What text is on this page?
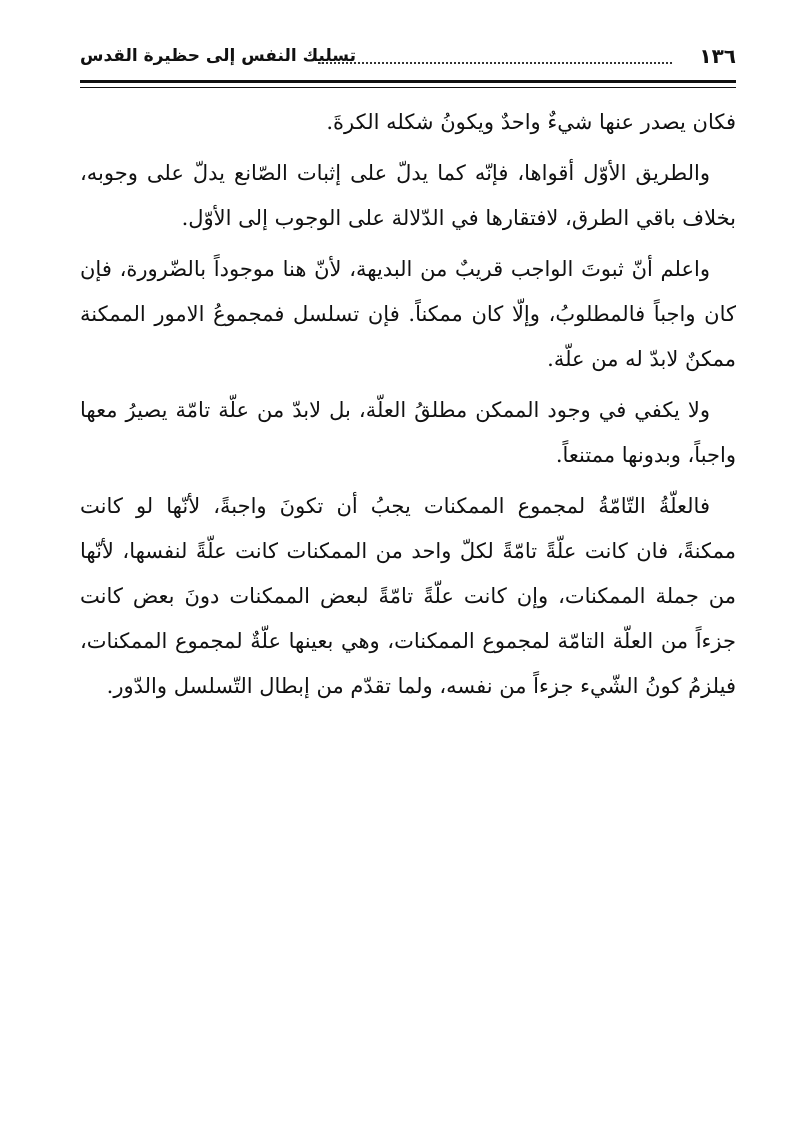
١٣٦
تسليك النفس إلى حظيرة القدس

فكان يصدر عنها شيءٌ واحدٌ ويكونُ شكله الكرةَ.

والطريق الأوّل أقواها، فإنّه كما يدلّ على إثبات الصّانع يدلّ على وجوبه، بخلاف باقي الطرق، لافتقارها في الدّلالة على الوجوب إلى الأوّل.

واعلم أنّ ثبوتَ الواجب قريبٌ من البديهة، لأنّ هنا موجوداً بالضّرورة، فإن كان واجباً فالمطلوبُ، وإلّا كان ممكناً. فإن تسلسل فمجموعُ الامور الممكنة ممكنٌ لابدّ له من علّة.

ولا يكفي في وجود الممكن مطلقُ العلّة، بل لابدّ من علّة تامّة يصيرُ معها واجباً، وبدونها ممتنعاً.

فالعلّةُ التّامّةُ لمجموع الممكنات يجبُ أن تكونَ واجبةً، لأنّها لو كانت ممكنةً، فان كانت علّةً تامّةً لكلّ واحد من الممكنات كانت علّةً لنفسها، لأنّها من جملة الممكنات، وإن كانت علّةً تامّةً لبعض الممكنات دونَ بعض كانت جزءاً من العلّة التامّة لمجموع الممكنات، وهي بعينها علّةٌ لمجموع الممكنات، فيلزمُ كونُ الشّيء جزءاً من نفسه، ولما تقدّم من إبطال التّسلسل والدّور.
